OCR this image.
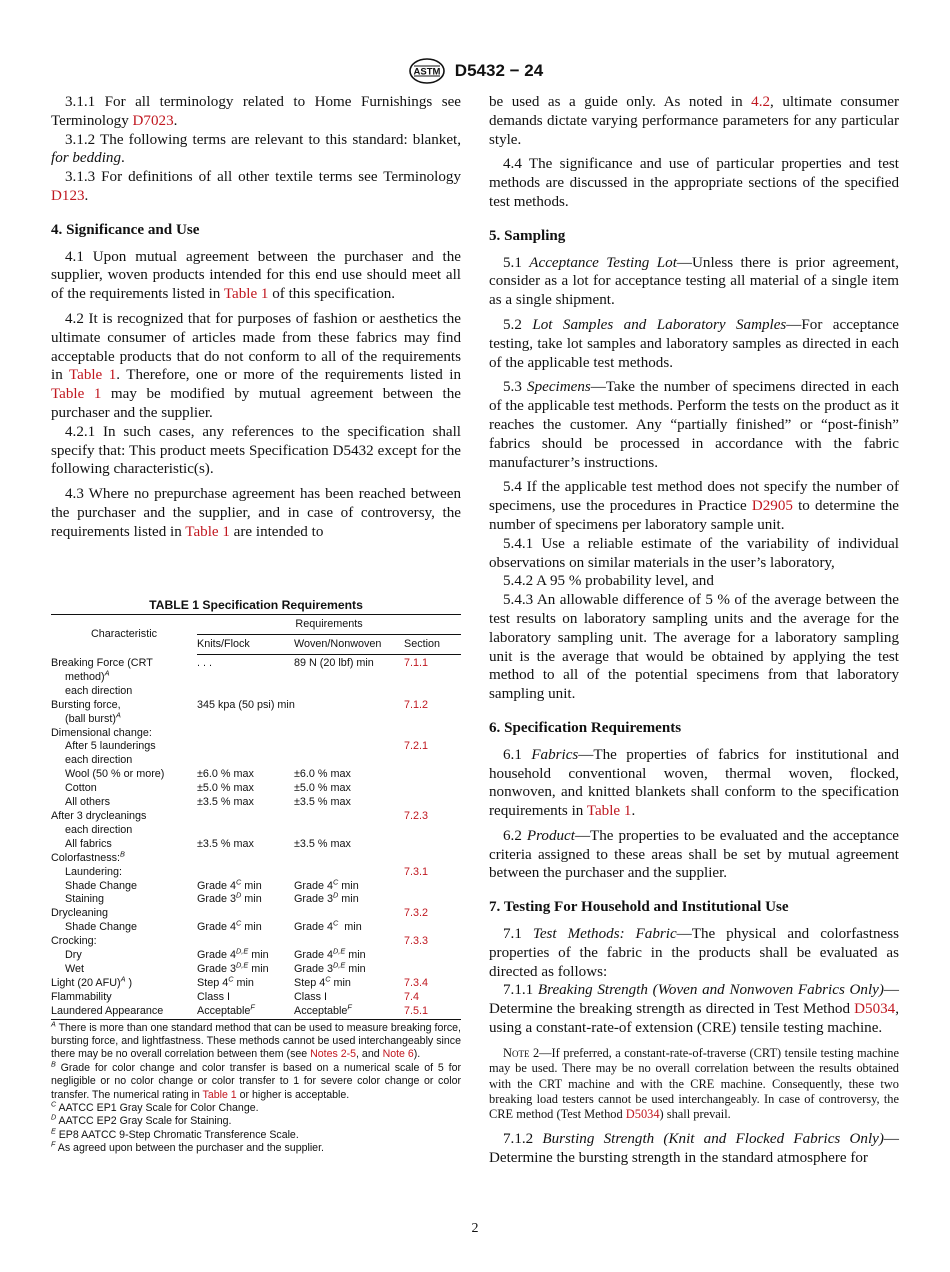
ASTM D5432 − 24

3.1.1 For all terminology related to Home Furnishings see Terminology D7023.

3.1.2 The following terms are relevant to this standard: blanket, for bedding.

3.1.3 For definitions of all other textile terms see Terminology D123.

4. Significance and Use

4.1 Upon mutual agreement between the purchaser and the supplier, woven products intended for this end use should meet all of the requirements listed in Table 1 of this specification.

4.2 It is recognized that for purposes of fashion or aesthetics the ultimate consumer of articles made from these fabrics may find acceptable products that do not conform to all of the requirements in Table 1. Therefore, one or more of the requirements listed in Table 1 may be modified by mutual agreement between the purchaser and the supplier.

4.2.1 In such cases, any references to the specification shall specify that: This product meets Specification D5432 except for the following characteristic(s).

4.3 Where no prepurchase agreement has been reached between the purchaser and the supplier, and in case of controversy, the requirements listed in Table 1 are intended to

TABLE 1 Specification Requirements
Characteristic	Requirements		
	Knits/Flock	Woven/Nonwoven	Section
Breaking Force (CRT	. . .	89 N (20 lbf) min	7.1.1
method)$^A$			
each direction			
Bursting force,	345 kpa (50 psi) min		7.1.2
(ball burst)$^A$			
Dimensional change:			
After 5 launderings			7.2.1
each direction			
Wool (50 % or more)	±6.0 % max	±6.0 % max	
Cotton	±5.0 % max	±5.0 % max	
All others	±3.5 % max	±3.5 % max	
After 3 drycleanings			7.2.3
each direction			
All fabrics	±3.5 % max	±3.5 % max	
Colorfastness:$^B$			
Laundering:			7.3.1
Shade Change	Grade $4^C$ min	Grade $4^C$ min	
Staining	Grade $3^D$ min	Grade $3^D$ min	
Drycleaning			7.3.2
Shade Change	Grade $4^C$ min	Grade $4^C$  min	
Crocking:			7.3.3
Dry	Grade $4^{D,E}$ min	Grade $4^{D,E}$ min	
Wet	Grade $3^{D,E}$ min	Grade $3^{D,E}$ min	
Light (20 AFU)$^A$ )	Step $4^C$ min	Step $4^C$ min	7.3.4
Flammability	Class I	Class I	7.4
Laundered Appearance	Acceptable$^F$	Acceptable$^F$	7.5.1

$^A$ There is more than one standard method that can be used to measure breaking force, bursting force, and lightfastness. These methods cannot be used interchangeably since there may be no overall correlation between them (see Notes 2-5, and Note 6).

$^B$ Grade for color change and color transfer is based on a numerical scale of 5 for negligible or no color change or color transfer to 1 for severe color change or color transfer. The numerical rating in Table 1 or higher is acceptable.

$^C$ AATCC EP1 Gray Scale for Color Change.

$^D$ AATCC EP2 Gray Scale for Staining.

$^E$ EP8 AATCC 9-Step Chromatic Transference Scale.

$^F$ As agreed upon between the purchaser and the supplier.

be used as a guide only. As noted in 4.2, ultimate consumer demands dictate varying performance parameters for any particular style.

4.4 The significance and use of particular properties and test methods are discussed in the appropriate sections of the specified test methods.

5. Sampling

5.1 Acceptance Testing Lot—Unless there is prior agreement, consider as a lot for acceptance testing all material of a single item as a single shipment.

5.2 Lot Samples and Laboratory Samples—For acceptance testing, take lot samples and laboratory samples as directed in each of the applicable test methods.

5.3 Specimens—Take the number of specimens directed in each of the applicable test methods. Perform the tests on the product as it reaches the customer. Any “partially finished” or “post-finish” fabrics should be processed in accordance with the fabric manufacturer’s instructions.

5.4 If the applicable test method does not specify the number of specimens, use the procedures in Practice D2905 to determine the number of specimens per laboratory sample unit.

5.4.1 Use a reliable estimate of the variability of individual observations on similar materials in the user’s laboratory,

5.4.2 A 95 % probability level, and

5.4.3 An allowable difference of 5 % of the average between the test results on laboratory sampling units and the average for the laboratory sampling unit. The average for a laboratory sampling unit is the average that would be obtained by applying the test method to all of the potential specimens from that laboratory sampling unit.

6. Specification Requirements

6.1 Fabrics—The properties of fabrics for institutional and household conventional woven, thermal woven, flocked, nonwoven, and knitted blankets shall conform to the specification requirements in Table 1.

6.2 Product—The properties to be evaluated and the acceptance criteria assigned to these areas shall be set by mutual agreement between the purchaser and the supplier.

7. Testing For Household and Institutional Use

7.1 Test Methods: Fabric—The physical and colorfastness properties of the fabric in the products shall be evaluated as directed as follows:

7.1.1 Breaking Strength (Woven and Nonwoven Fabrics Only)—Determine the breaking strength as directed in Test Method D5034, using a constant-rate-of extension (CRE) tensile testing machine.

Note 2—If preferred, a constant-rate-of-traverse (CRT) tensile testing machine may be used. There may be no overall correlation between the results obtained with the CRT machine and with the CRE machine. Consequently, these two breaking load testers cannot be used interchangeably. In case of controversy, the CRE method (Test Method D5034) shall prevail.

7.1.2 Bursting Strength (Knit and Flocked Fabrics Only)—Determine the bursting strength in the standard atmosphere for

2
